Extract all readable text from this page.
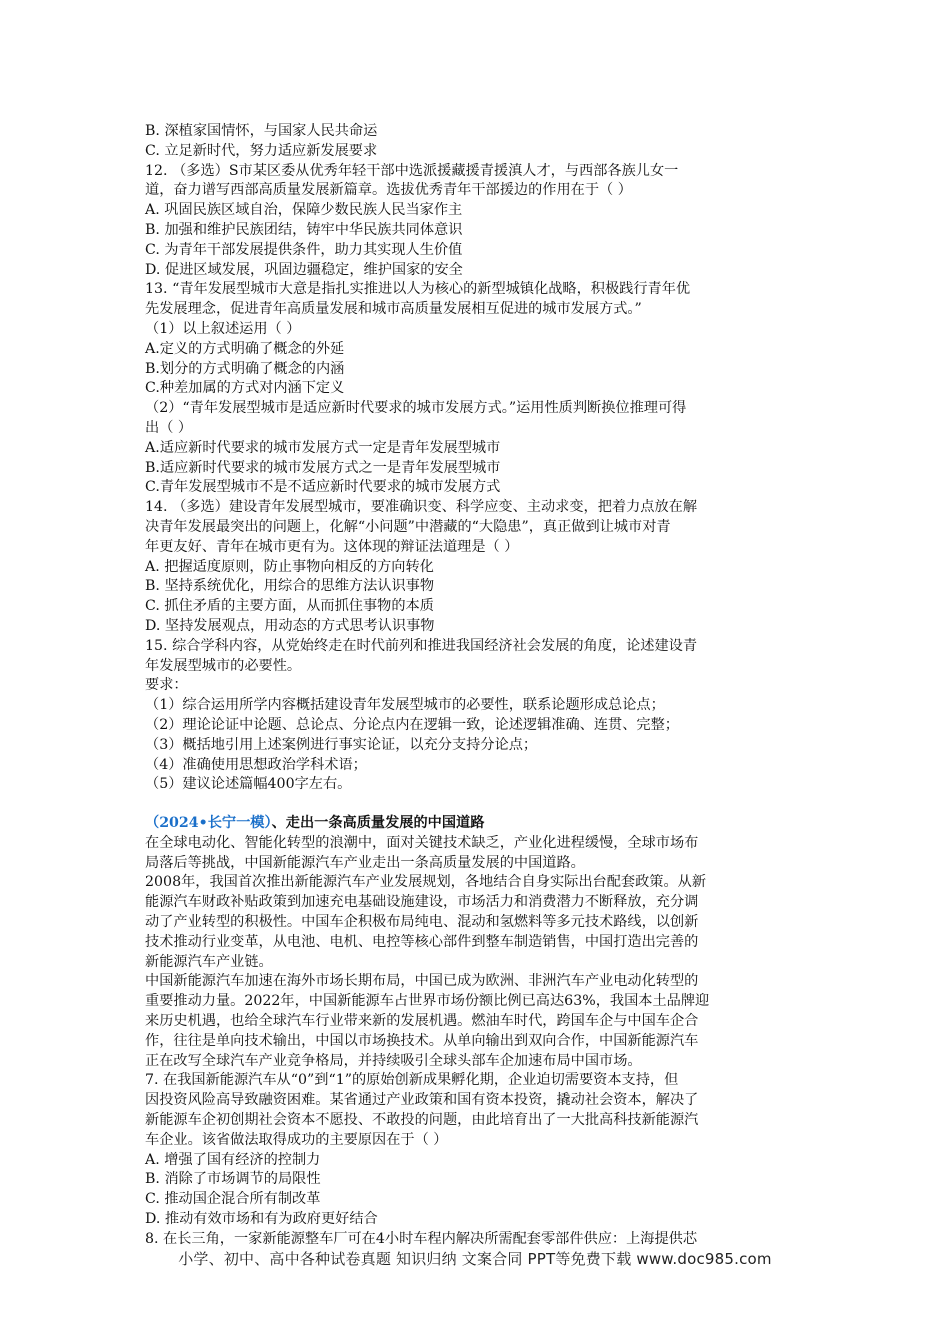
B. 深植家国情怀，与国家人民共命运

C. 立足新时代，努力适应新发展要求

12. （多选）S市某区委从优秀年轻干部中选派援藏援青援滇人才，与西部各族儿女一

道，奋力谱写西部高质量发展新篇章。选拔优秀青年干部援边的作用在于（ ）

A. 巩固民族区域自治，保障少数民族人民当家作主

B. 加强和维护民族团结，铸牢中华民族共同体意识

C. 为青年干部发展提供条件，助力其实现人生价值

D. 促进区域发展，巩固边疆稳定，维护国家的安全

13. “青年发展型城市大意是指扎实推进以人为核心的新型城镇化战略，积极践行青年优

先发展理念，促进青年高质量发展和城市高质量发展相互促进的城市发展方式。”

（1）以上叙述运用（ ）

A.定义的方式明确了概念的外延

B.划分的方式明确了概念的内涵

C.种差加属的方式对内涵下定义

（2）“青年发展型城市是适应新时代要求的城市发展方式。”运用性质判断换位推理可得

出（ ）

A.适应新时代要求的城市发展方式一定是青年发展型城市

B.适应新时代要求的城市发展方式之一是青年发展型城市

C.青年发展型城市不是不适应新时代要求的城市发展方式

14. （多选）建设青年发展型城市，要准确识变、科学应变、主动求变，把着力点放在解

决青年发展最突出的问题上，化解“小问题”中潜藏的“大隐患”，真正做到让城市对青

年更友好、青年在城市更有为。这体现的辩证法道理是（ ）

A. 把握适度原则，防止事物向相反的方向转化

B. 坚持系统优化，用综合的思维方法认识事物

C. 抓住矛盾的主要方面，从而抓住事物的本质

D. 坚持发展观点，用动态的方式思考认识事物

15. 综合学科内容，从党始终走在时代前列和推进我国经济社会发展的角度，论述建设青

年发展型城市的必要性。

要求：

（1）综合运用所学内容概括建设青年发展型城市的必要性，联系论题形成总论点；

（2）理论论证中论题、总论点、分论点内在逻辑一致，论述逻辑准确、连贯、完整；

（3）概括地引用上述案例进行事实论证，以充分支持分论点；

（4）准确使用思想政治学科术语；

（5）建议论述篇幅400字左右。

（2024•长宁一模）、走出一条高质量发展的中国道路

在全球电动化、智能化转型的浪潮中，面对关键技术缺乏，产业化进程缓慢，全球市场布

局落后等挑战，中国新能源汽车产业走出一条高质量发展的中国道路。

2008年，我国首次推出新能源汽车产业发展规划，各地结合自身实际出台配套政策。从新

能源汽车财政补贴政策到加速充电基础设施建设，市场活力和消费潜力不断释放，充分调

动了产业转型的积极性。中国车企积极布局纯电、混动和氢燃料等多元技术路线，以创新

技术推动行业变革，从电池、电机、电控等核心部件到整车制造销售，中国打造出完善的

新能源汽车产业链。

中国新能源汽车加速在海外市场长期布局，中国已成为欧洲、非洲汽车产业电动化转型的

重要推动力量。2022年，中国新能源车占世界市场份额比例已高达63%，我国本土品牌迎

来历史机遇，也给全球汽车行业带来新的发展机遇。燃油车时代，跨国车企与中国车企合

作，往往是单向技术输出，中国以市场换技术。从单向输出到双向合作，中国新能源汽车

正在改写全球汽车产业竞争格局，并持续吸引全球头部车企加速布局中国市场。

7. 在我国新能源汽车从“0”到“1”的原始创新成果孵化期，企业迫切需要资本支持，但

因投资风险高导致融资困难。某省通过产业政策和国有资本投资，撬动社会资本，解决了

新能源车企初创期社会资本不愿投、不敢投的问题，由此培育出了一大批高科技新能源汽

车企业。该省做法取得成功的主要原因在于（ ）

A. 增强了国有经济的控制力

B. 消除了市场调节的局限性

C. 推动国企混合所有制改革

D. 推动有效市场和有为政府更好结合

8. 在长三角，一家新能源整车厂可在4小时车程内解决所需配套零部件供应：上海提供芯

小学、初中、高中各种试卷真题 知识归纳 文案合同 PPT等免费下载 www.doc985.com
